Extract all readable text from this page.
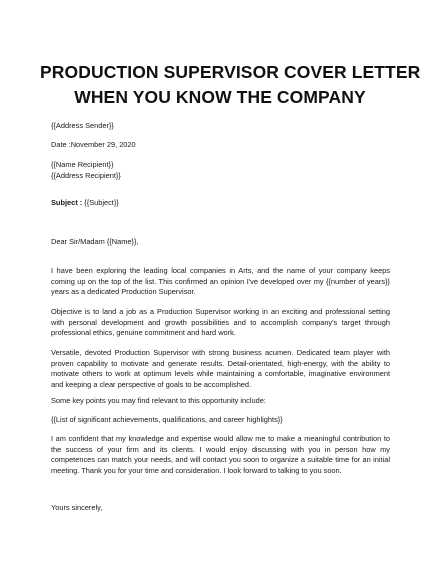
PRODUCTION SUPERVISOR COVER LETTER
WHEN YOU KNOW THE COMPANY
{{Address Sender}}
Date :November 29, 2020
{{Name Recipient}}
{{Address Recipient}}
Subject : {{Subject}}
Dear Sir/Madam {{Name}},

I have been exploring the leading local companies in Arts, and the name of your company keeps coming up on the top of the list. This confirmed an opinion I've developed over my {{number of years}} years as a dedicated Production Supervisor.

Objective is to land a job as a Production Supervisor working in an exciting and professional setting with personal development and growth possibilities and to accomplish company's target through professional ethics, genuine commitment and hard work.

Versatile, devoted Production Supervisor with strong business acumen. Dedicated team player with proven capability to motivate and generate results. Detail-orientated, high-energy, with the ability to motivate others to work at optimum levels while maintaining a comfortable, imaginative environment and keeping a clear perspective of goals to be accomplished.

Some key points you may find relevant to this opportunity include:
{{List of significant achievements, qualifications, and career highlights}}

I am confident that my knowledge and expertise would allow me to make a meaningful contribution to the success of your firm and its clients. I would enjoy discussing with you in person how my competences can match your needs, and will contact you soon to organize a suitable time for an initial meeting. Thank you for your time and consideration. I look forward to talking to you soon.

Yours sincerely,
